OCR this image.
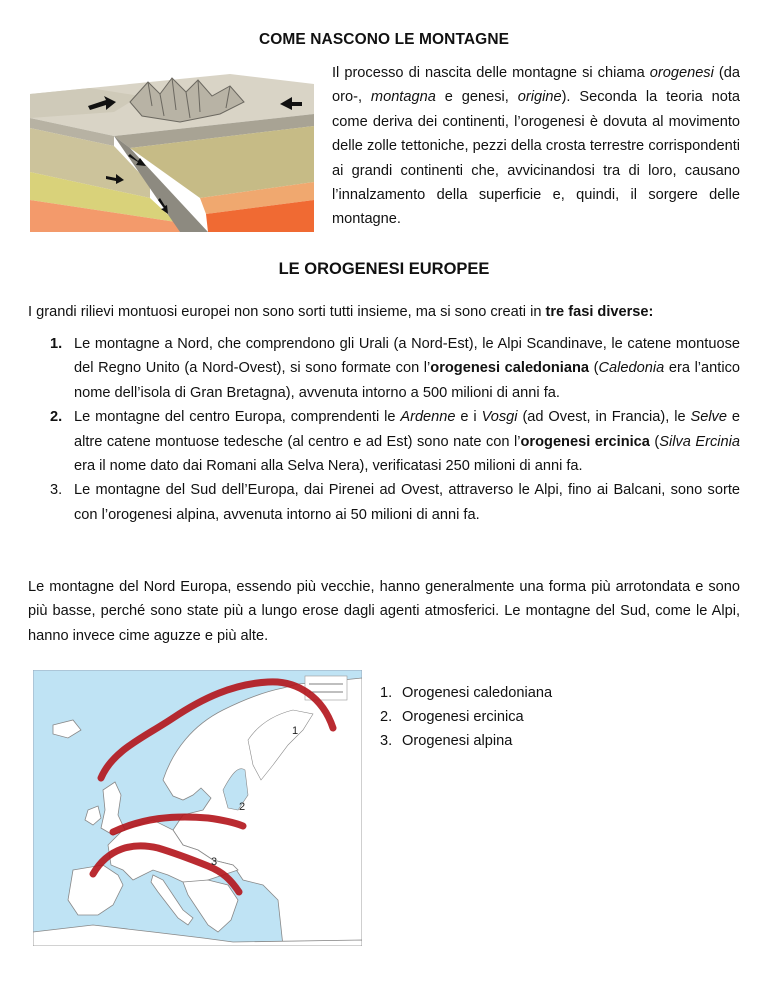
COME NASCONO LE MONTAGNE
Il processo di nascita delle montagne si chiama orogenesi (da oro-, montagna e genesi, origine). Seconda la teoria nota come deriva dei continenti, l’orogenesi è dovuta al movimento delle zolle tettoniche, pezzi della crosta terrestre corrispondenti ai grandi continenti che, avvicinandosi tra di loro, causano l’innalzamento della superficie e, quindi, il sorgere delle montagne.
LE OROGENESI EUROPEE
I grandi rilievi montuosi europei non sono sorti tutti insieme, ma si sono creati in tre fasi diverse:
1. Le montagne a Nord, che comprendono gli Urali (a Nord-Est), le Alpi Scandinave, le catene montuose del Regno Unito (a Nord-Ovest), si sono formate con l’orogenesi caledoniana (Caledonia era l’antico nome dell’isola di Gran Bretagna), avvenuta intorno a 500 milioni di anni fa.
2. Le montagne del centro Europa, comprendenti le Ardenne e i Vosgi (ad Ovest, in Francia), le Selve e altre catene montuose tedesche (al centro e ad Est) sono nate con l’orogenesi ercinica (Silva Ercinia era il nome dato dai Romani alla Selva Nera), verificatasi 250 milioni di anni fa.
3. Le montagne del Sud dell’Europa, dai Pirenei ad Ovest, attraverso le Alpi, fino ai Balcani, sono sorte con l’orogenesi alpina, avvenuta intorno ai 50 milioni di anni fa.
Le montagne del Nord Europa, essendo più vecchie, hanno generalmente una forma più arrotondata e sono più basse, perché sono state più a lungo erose dagli agenti atmosferici. Le montagne del Sud, come le Alpi, hanno invece cime aguzze e più alte.
1
2
3
1. Orogenesi caledoniana
2. Orogenesi ercinica
3. Orogenesi alpina
